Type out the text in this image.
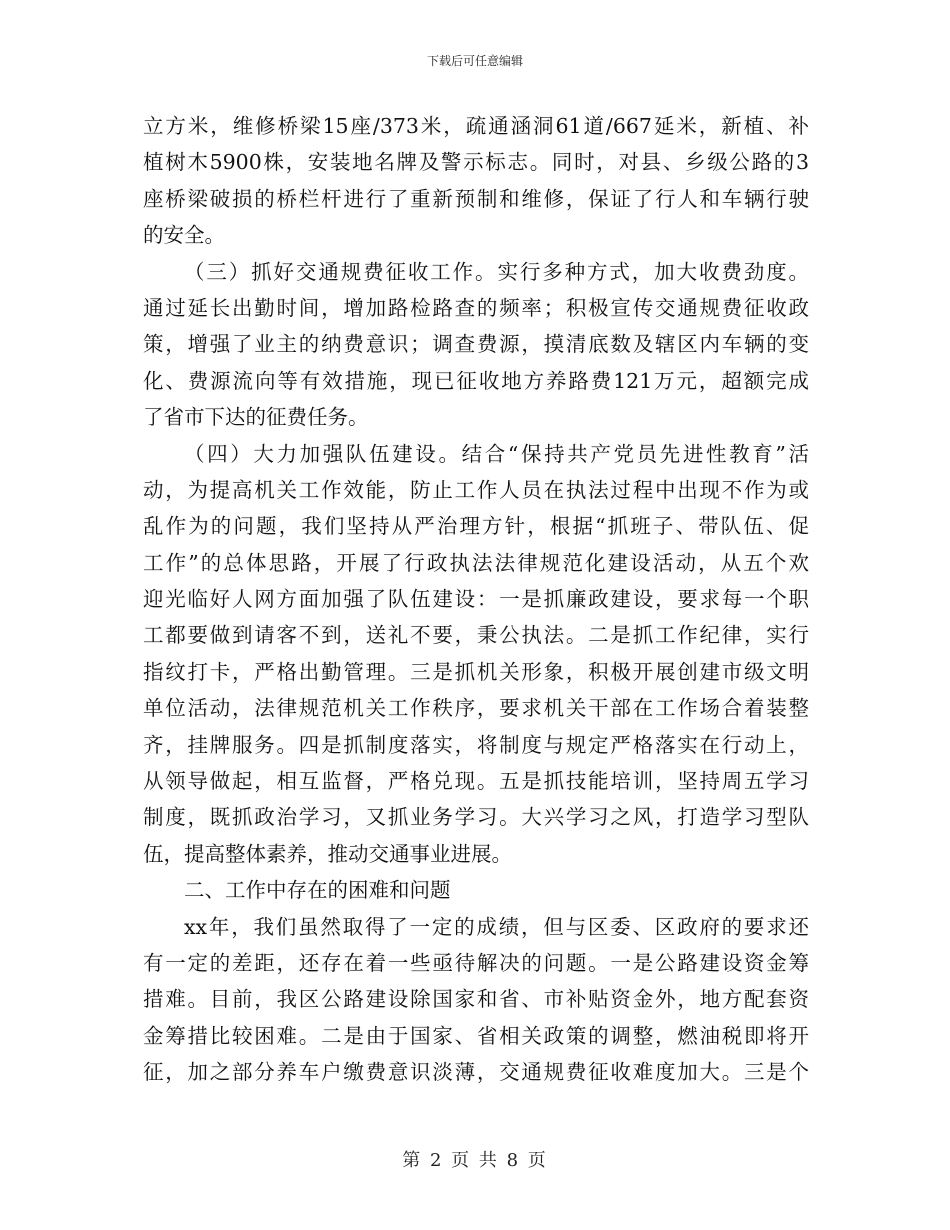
下载后可任意编辑
立方米，维修桥梁15座/373米，疏通涵洞61道/667延米，新植、补
植树木5900株，安装地名牌及警示标志。同时，对县、乡级公路的3
座桥梁破损的桥栏杆进行了重新预制和维修，保证了行人和车辆行驶
的安全。
（三）抓好交通规费征收工作。实行多种方式，加大收费劲度。
通过延长出勤时间，增加路检路查的频率；积极宣传交通规费征收政
策，增强了业主的纳费意识；调查费源，摸清底数及辖区内车辆的变
化、费源流向等有效措施，现已征收地方养路费121万元，超额完成
了省市下达的征费任务。
（四）大力加强队伍建设。结合“保持共产党员先进性教育”活
动，为提高机关工作效能，防止工作人员在执法过程中出现不作为或
乱作为的问题，我们坚持从严治理方针，根据“抓班子、带队伍、促
工作”的总体思路，开展了行政执法法律规范化建设活动，从五个欢
迎光临好人网方面加强了队伍建设：一是抓廉政建设，要求每一个职
工都要做到请客不到，送礼不要，秉公执法。二是抓工作纪律，实行
指纹打卡，严格出勤管理。三是抓机关形象，积极开展创建市级文明
单位活动，法律规范机关工作秩序，要求机关干部在工作场合着装整
齐，挂牌服务。四是抓制度落实，将制度与规定严格落实在行动上，
从领导做起，相互监督，严格兑现。五是抓技能培训，坚持周五学习
制度，既抓政治学习，又抓业务学习。大兴学习之风，打造学习型队
伍，提高整体素养，推动交通事业进展。
二、工作中存在的困难和问题
xx年，我们虽然取得了一定的成绩，但与区委、区政府的要求还
有一定的差距，还存在着一些亟待解决的问题。一是公路建设资金筹
措难。目前，我区公路建设除国家和省、市补贴资金外，地方配套资
金筹措比较困难。二是由于国家、省相关政策的调整，燃油税即将开
征，加之部分养车户缴费意识淡薄，交通规费征收难度加大。三是个
第 2 页 共 8 页
